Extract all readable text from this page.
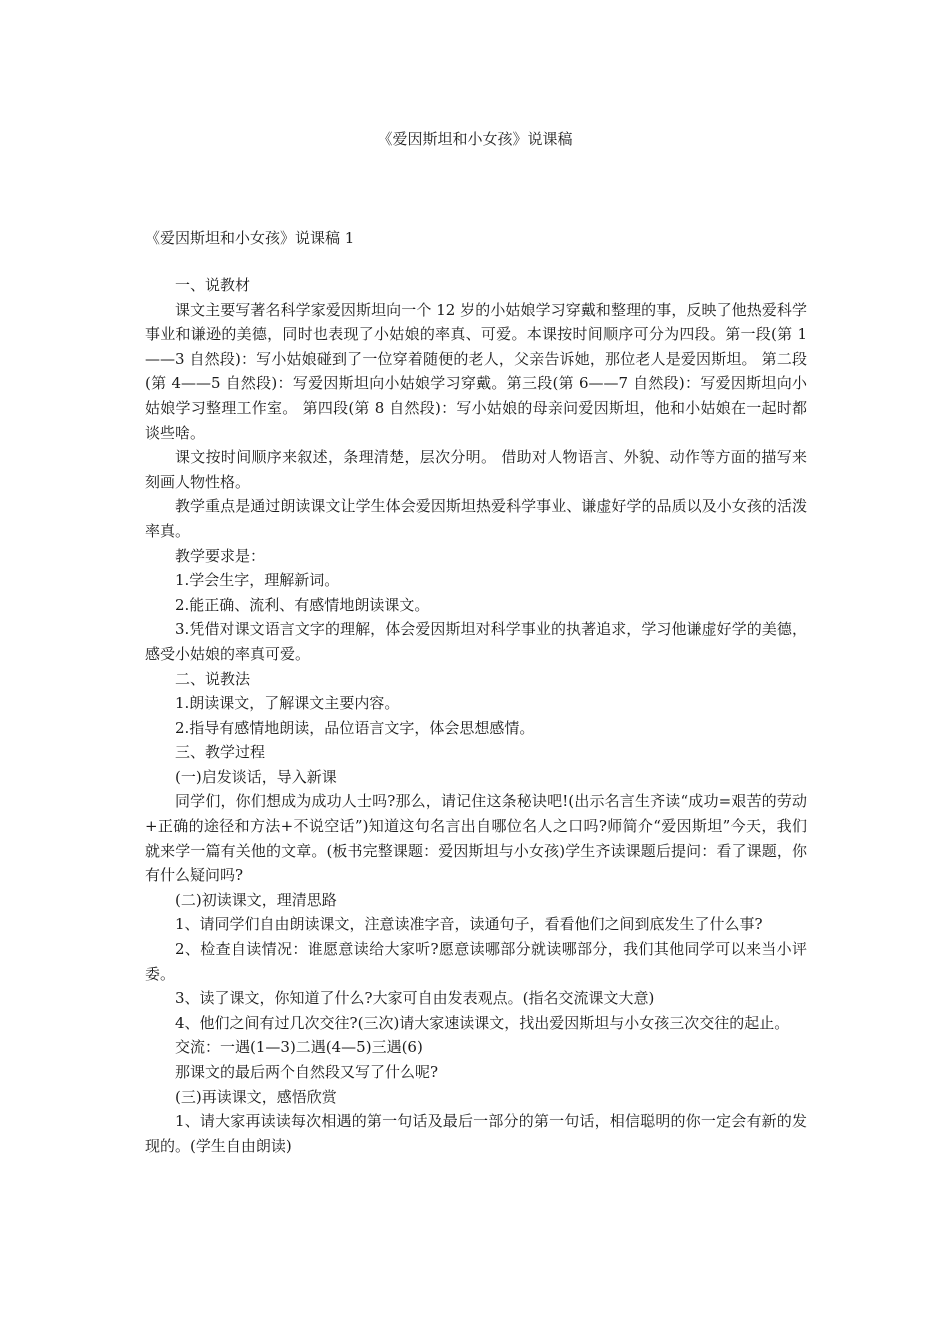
《爱因斯坦和小女孩》说课稿
《爱因斯坦和小女孩》说课稿 1

一、说教材

课文主要写著名科学家爱因斯坦向一个 12 岁的小姑娘学习穿戴和整理的事，反映了他热爱科学事业和谦逊的美德，同时也表现了小姑娘的率真、可爱。本课按时间顺序可分为四段。第一段(第 1——3 自然段)：写小姑娘碰到了一位穿着随便的老人，父亲告诉她，那位老人是爱因斯坦。 第二段(第 4——5 自然段)：写爱因斯坦向小姑娘学习穿戴。第三段(第 6——7 自然段)：写爱因斯坦向小姑娘学习整理工作室。 第四段(第 8 自然段)：写小姑娘的母亲问爱因斯坦，他和小姑娘在一起时都谈些啥。

课文按时间顺序来叙述，条理清楚，层次分明。 借助对人物语言、外貌、动作等方面的描写来刻画人物性格。

教学重点是通过朗读课文让学生体会爱因斯坦热爱科学事业、谦虚好学的品质以及小女孩的活泼率真。

教学要求是：

1.学会生字，理解新词。

2.能正确、流利、有感情地朗读课文。

3.凭借对课文语言文字的理解，体会爱因斯坦对科学事业的执著追求，学习他谦虚好学的美德，感受小姑娘的率真可爱。

二、说教法

1.朗读课文，了解课文主要内容。

2.指导有感情地朗读，品位语言文字，体会思想感情。

三、教学过程

(一)启发谈话，导入新课

同学们，你们想成为成功人士吗?那么，请记住这条秘诀吧!(出示名言生齐读“成功=艰苦的劳动+正确的途径和方法+不说空话”)知道这句名言出自哪位名人之口吗?师简介“爱因斯坦”今天，我们就来学一篇有关他的文章。(板书完整课题：爱因斯坦与小女孩)学生齐读课题后提问：看了课题，你有什么疑问吗?

(二)初读课文，理清思路

1、请同学们自由朗读课文，注意读准字音，读通句子，看看他们之间到底发生了什么事?

2、检查自读情况：谁愿意读给大家听?愿意读哪部分就读哪部分，我们其他同学可以来当小评委。

3、读了课文，你知道了什么?大家可自由发表观点。(指名交流课文大意)

4、他们之间有过几次交往?(三次)请大家速读课文，找出爱因斯坦与小女孩三次交往的起止。

交流：一遇(1—3)二遇(4—5)三遇(6)

那课文的最后两个自然段又写了什么呢?

(三)再读课文，感悟欣赏

1、请大家再读读每次相遇的第一句话及最后一部分的第一句话，相信聪明的你一定会有新的发现的。(学生自由朗读)
